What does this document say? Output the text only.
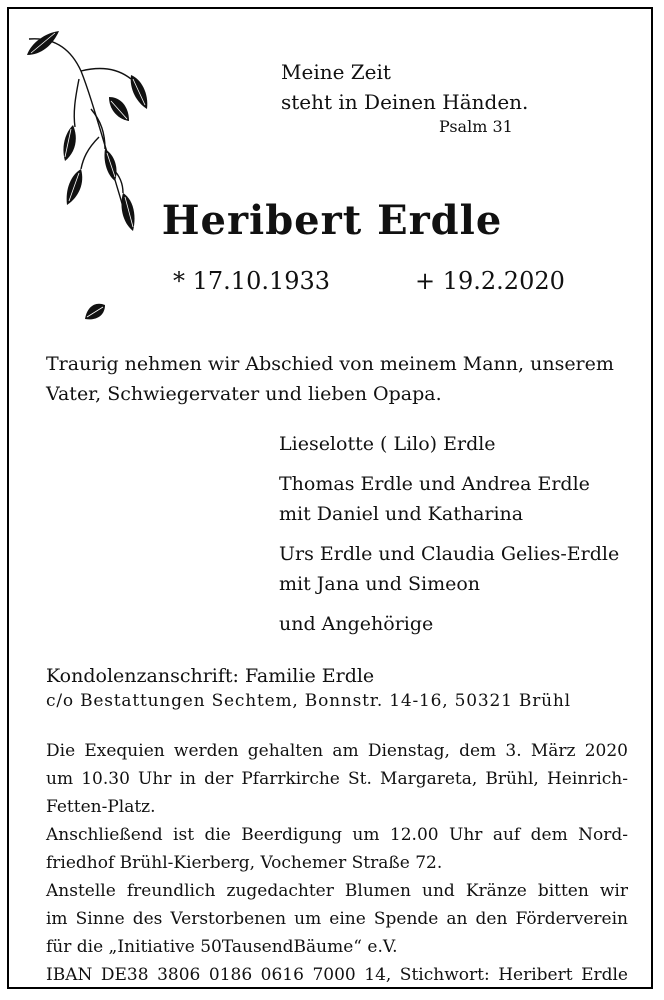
Meine Zeit
steht in Deinen Händen.
Psalm 31
Heribert Erdle
* 17.10.1933	+ 19.2.2020
Traurig nehmen wir Abschied von meinem Mann, unserem
Vater, Schwiegervater und lieben Opapa.
Lieselotte ( Lilo) Erdle
Thomas Erdle und Andrea Erdle
mit Daniel und Katharina
Urs Erdle und Claudia Gelies-Erdle
mit Jana und Simeon
und Angehörige
Kondolenzanschrift: Familie Erdle
c/o Bestattungen Sechtem, Bonnstr. 14-16, 50321 Brühl

Die Exequien werden gehalten am Dienstag, dem 3. März 2020

um 10.30 Uhr in der Pfarrkirche St. Margareta, Brühl, Heinrich-

Fetten-Platz.

Anschließend ist die Beerdigung um 12.00 Uhr auf dem Nord-

friedhof Brühl-Kierberg, Vochemer Straße 72.

Anstelle freundlich zugedachter Blumen und Kränze bitten wir

im Sinne des Verstorbenen um eine Spende an den Förderverein

für die „Initiative 50TausendBäume“ e.V.

IBAN DE38 3806 0186 0616 7000 14, Stichwort: Heribert Erdle
